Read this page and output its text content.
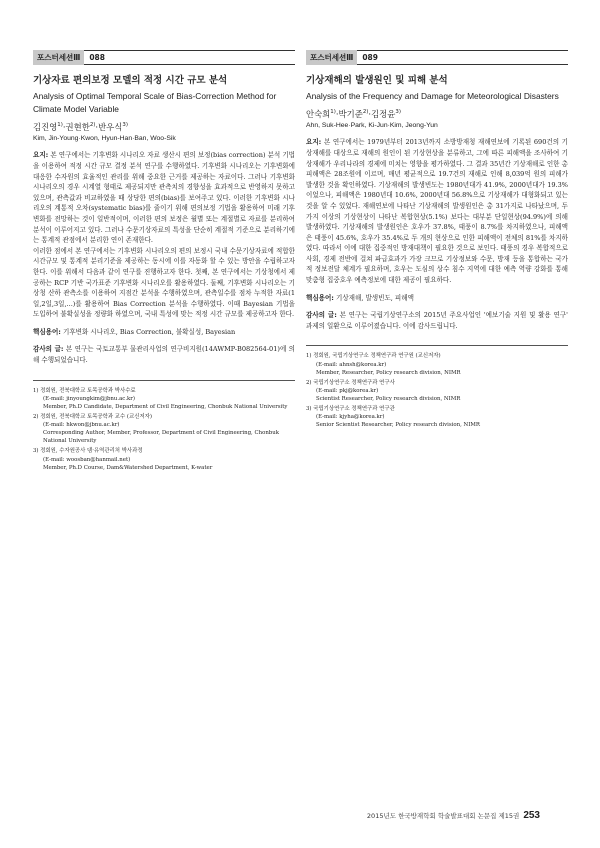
포스터세션Ⅲ	088
기상자료 편의보정 모델의 적정 시간 규모 분석

Analysis of Optimal Temporal Scale of Bias-Correction Method for Climate Model Variable

김진영$^{1)}$·권현한$^{2)}$·반우식$^{3)}$

Kim, Jin-Young·Kwon, Hyun-Han·Ban, Woo-Sik

요지: 본 연구에서는 기후변화 시나리오 자료 생산시 편의 보정(bias correction) 분석 기법을 이용하여 적정 시간 규모 결정 분석 연구를 수행하였다. 기후변화 시나리오는 기후변화에 대응한 수자원의 효율적인 관리를 위해 중요한 근거를 제공하는 자료이다. 그러나 기후변화 시나리오의 경우 시계열 형태로 제공되지만 관측치의 경향성을 효과적으로 반영하지 못하고 있으며, 관측값과 비교하였을 때 상당한 편의(bias)를 보여주고 있다. 이러한 기후변화 시나리오의 계통적 오차(systematic bias)를 줄이기 위해 편의보정 기법을 활용하여 미래 기후변화를 전망하는 것이 일반적이며, 이러한 편의 보정은 월별 또는 계절별로 자료를 분리하여 분석이 이루어지고 있다. 그러나 수문기상자료의 특성을 단순히 계절적 기준으로 분리하기에는 통계적 관점에서 분리한 연이 존재한다.

이러한 점에서 본 연구에서는 기후변화 시나리오의 편의 보정시 국내 수문기상자료에 적합한 시간규모 및 통계적 분리기준을 제공하는 동시에 이를 자동화 할 수 있는 방안을 수립하고자 한다. 이를 위해서 다음과 같이 연구를 진행하고자 한다. 첫째, 본 연구에서는 기상청에서 제공하는 RCP 기반 국가표준 기후변화 시나리오를 활용하였다. 둘째, 기후변화 시나리오는 기상청 산하 관측소를 이용하여 지점간 분석을 수행하였으며, 관측일수를 점차 누적한 자료(1일,2일,3일,...)를 활용하여 Bias Correction 분석을 수행하였다. 이때 Bayesian 기법을 도입하여 불확실성을 정량화 하였으며, 국내 특성에 맞는 적정 시간 규모를 제공하고자 한다.

핵심용어: 기후변화 시나리오, Bias Correction, 불확실성, Bayesian

감사의 글: 본 연구는 국토교통부 물관리사업의 연구비지원(14AWMP-B082564-01)에 의해 수행되었습니다.

1) 정회원, 전북대학교 토목공학과 박사수료
(E-mail: jinyoungkim@jbnu.ac.kr)
Member, Ph.D Candidate, Department of Civil Engineering, Chonbuk National University
2) 정회원, 전북대학교 토목공학과 교수 (교신저자)
(E-mail: hkwon@jbnu.ac.kr)
Corresponding Author, Member, Professor, Department of Civil Engineering, Chonbuk National University
3) 정회원, 수자원공사 댐·유역관리처 박사과정
(E-mail: woosban@hanmail.net)
Member, Ph.D Course, Dam&Watershed Department, K-water
포스터세션Ⅲ	089
기상재해의 발생원인 및 피해 분석

Analysis of the Frequency and Damage for Meteorological Disasters

안숙희$^{1)}$·박기준$^{2)}$·김정윤$^{3)}$

Ahn, Suk-Hee·Park, Ki-Jun·Kim, Jeong-Yun

요지: 본 연구에서는 1979년부터 2013년까지 소방방재청 재해연보에 기록된 690건의 기상재해를 대상으로 재해의 원인이 된 기상현상을 분류하고, 그에 따른 피해액을 조사하여 기상재해가 우리나라의 경제에 미치는 영향을 평가하였다. 그 결과 35년간 기상재해로 인한 총 피해액은 28조원에 이르며, 매년 평균적으로 19.7건의 재해로 인해 8,039억 원의 피해가 발생한 것을 확인하였다. 기상재해의 발생빈도는 1980년대가 41.9%, 2000년대가 19.3%이었으나, 피해액은 1980년대 10.6%, 2000년대 56.8%으로 기상재해가 대형화되고 있는 것을 알 수 있었다. 재해연보에 나타난 기상재해의 발생원인은 총 31가지로 나타났으며, 두 가지 이상의 기상현상이 나타난 복합현상(5.1%) 보다는 대부분 단일현상(94.9%)에 의해 발생하였다. 기상재해의 발생원인은 호우가 37.8%, 태풍이 8.7%를 차지하였으나, 피해액은 태풍이 45.6%, 호우가 35.4%로 두 개의 현상으로 인한 피해액이 전체의 81%를 차지하였다. 따라서 이에 대한 집중적인 방재대책이 필요한 것으로 보인다. 태풍의 경우 복합적으로 사회, 경제 전반에 걸쳐 파급효과가 가장 크므로 기상정보와 수문, 방재 등을 통합하는 국가적 정보전달 체계가 필요하며, 호우는 도심의 상수 침수 지역에 대한 예측 역량 강화를 통해 맞춤형 집중호우 예측정보에 대한 제공이 필요하다.

핵심용어: 기상재해, 발생빈도, 피해액

감사의 글: 본 연구는 국립기상연구소의 2015년 주요사업인 '예보기술 지원 및 활용 연구' 과제의 일환으로 이루어졌습니다. 이에 감사드립니다.

1) 정회원, 국립기상연구소 정책연구과 연구원 (교신저자)
(E-mail: ahnsh@korea.kr)
Member, Researcher, Policy research division, NIMR
2) 국립기상연구소 정책연구과 연구사
(E-mail: pkj@korea.kr)
Scientist Researcher, Policy research division, NIMR
3) 국립기상연구소 정책연구과 연구관
(E-mail: kjyha@korea.kr)
Senior Scientist Researcher, Policy research division, NIMR
2015년도 한국방재학회 학술발표대회 논문집 제15권 253
